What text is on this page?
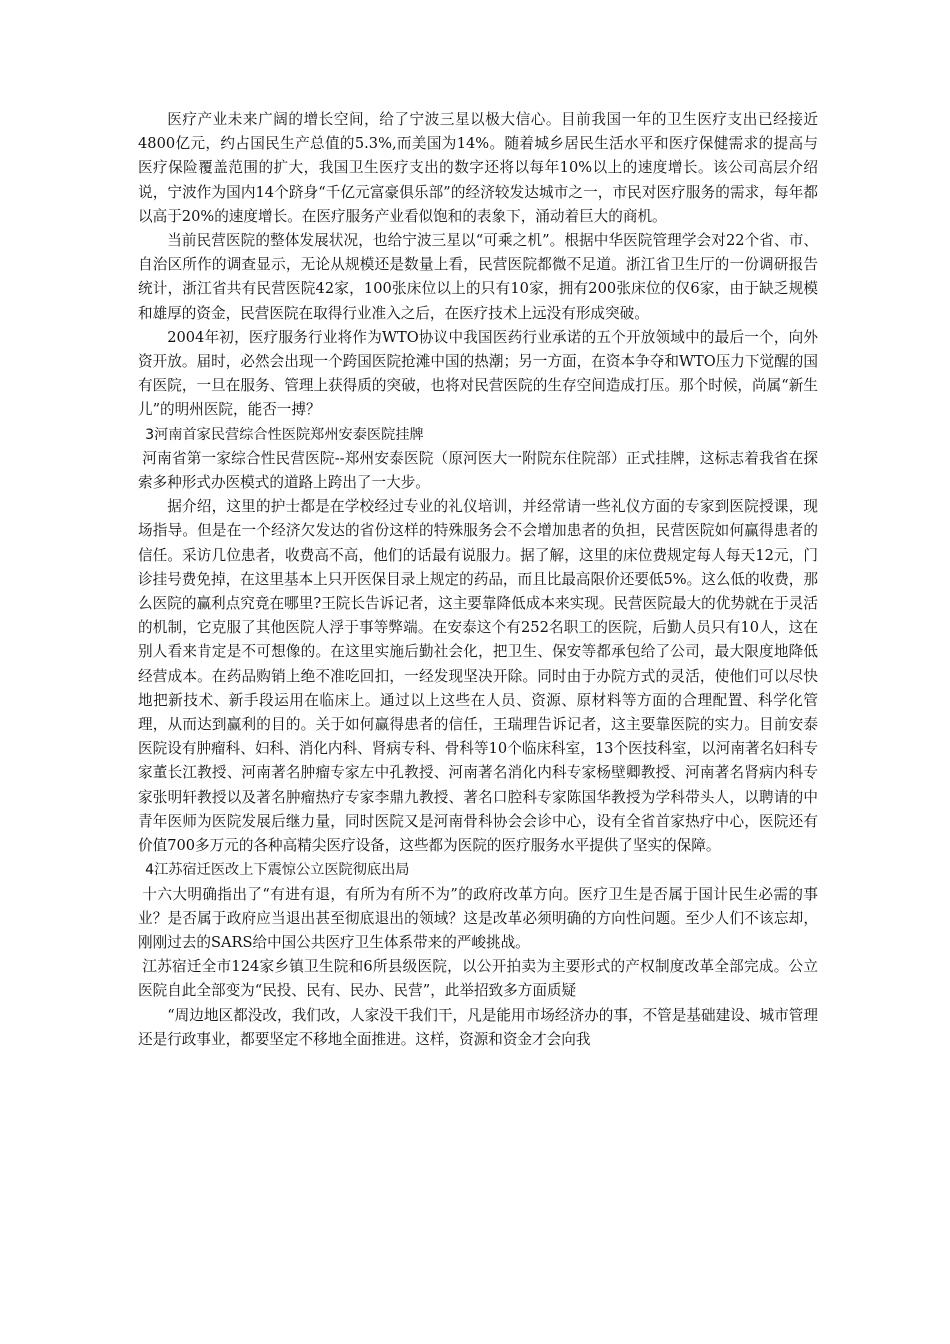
医疗产业未来广阔的增长空间，给了宁波三星以极大信心。目前我国一年的卫生医疗支出已经接近4800亿元，约占国民生产总值的5.3%,而美国为14%。随着城乡居民生活水平和医疗保健需求的提高与医疗保险覆盖范围的扩大，我国卫生医疗支出的数字还将以每年10%以上的速度增长。该公司高层介绍说，宁波作为国内14个跻身“千亿元富豪俱乐部”的经济较发达城市之一，市民对医疗服务的需求，每年都以高于20%的速度增长。在医疗服务产业看似饱和的表象下，涌动着巨大的商机。

当前民营医院的整体发展状况，也给宁波三星以“可乘之机”。根据中华医院管理学会对22个省、市、自治区所作的调查显示，无论从规模还是数量上看，民营医院都微不足道。浙江省卫生厅的一份调研报告统计，浙江省共有民营医院42家，100张床位以上的只有10家，拥有200张床位的仅6家，由于缺乏规模和雄厚的资金，民营医院在取得行业准入之后，在医疗技术上远没有形成突破。

2004年初，医疗服务行业将作为WTO协议中我国医药行业承诺的五个开放领域中的最后一个，向外资开放。届时，必然会出现一个跨国医院抢滩中国的热潮；另一方面，在资本争夺和WTO压力下觉醒的国有医院，一旦在服务、管理上获得质的突破，也将对民营医院的生存空间造成打压。那个时候，尚属“新生儿”的明州医院，能否一搏？

3河南首家民营综合性医院郑州安泰医院挂牌

河南省第一家综合性民营医院--郑州安泰医院（原河医大一附院东住院部）正式挂牌，这标志着我省在探索多种形式办医模式的道路上跨出了一大步。

据介绍，这里的护士都是在学校经过专业的礼仪培训，并经常请一些礼仪方面的专家到医院授课，现场指导。但是在一个经济欠发达的省份这样的特殊服务会不会增加患者的负担，民营医院如何赢得患者的信任。采访几位患者，收费高不高，他们的话最有说服力。据了解，这里的床位费规定每人每天12元，门诊挂号费免掉，在这里基本上只开医保目录上规定的药品，而且比最高限价还要低5%。这么低的收费，那么医院的赢利点究竟在哪里?王院长告诉记者，这主要靠降低成本来实现。民营医院最大的优势就在于灵活的机制，它克服了其他医院人浮于事等弊端。在安泰这个有252名职工的医院，后勤人员只有10人，这在别人看来肯定是不可想像的。在这里实施后勤社会化，把卫生、保安等都承包给了公司，最大限度地降低经营成本。在药品购销上绝不准吃回扣，一经发现坚决开除。同时由于办院方式的灵活，使他们可以尽快地把新技术、新手段运用在临床上。通过以上这些在人员、资源、原材料等方面的合理配置、科学化管理，从而达到赢利的目的。关于如何赢得患者的信任，王瑞理告诉记者，这主要靠医院的实力。目前安泰医院设有肿瘤科、妇科、消化内科、肾病专科、骨科等10个临床科室，13个医技科室，以河南著名妇科专家董长江教授、河南著名肿瘤专家左中孔教授、河南著名消化内科专家杨壁卿教授、河南著名肾病内科专家张明轩教授以及著名肿瘤热疗专家李鼎九教授、著名口腔科专家陈国华教授为学科带头人，以聘请的中青年医师为医院发展后继力量，同时医院又是河南骨科协会会诊中心，设有全省首家热疗中心，医院还有价值700多万元的各种高精尖医疗设备，这些都为医院的医疗服务水平提供了坚实的保障。

4江苏宿迁医改上下震惊公立医院彻底出局

十六大明确指出了“有进有退，有所为有所不为”的政府改革方向。医疗卫生是否属于国计民生必需的事业？是否属于政府应当退出甚至彻底退出的领域？这是改革必须明确的方向性问题。至少人们不该忘却，刚刚过去的SARS给中国公共医疗卫生体系带来的严峻挑战。

江苏宿迁全市124家乡镇卫生院和6所县级医院，以公开拍卖为主要形式的产权制度改革全部完成。公立医院自此全部变为“民投、民有、民办、民营”，此举招致多方面质疑

“周边地区都没改，我们改，人家没干我们干，凡是能用市场经济办的事，不管是基础建设、城市管理还是行政事业，都要坚定不移地全面推进。这样，资源和资金才会向我
